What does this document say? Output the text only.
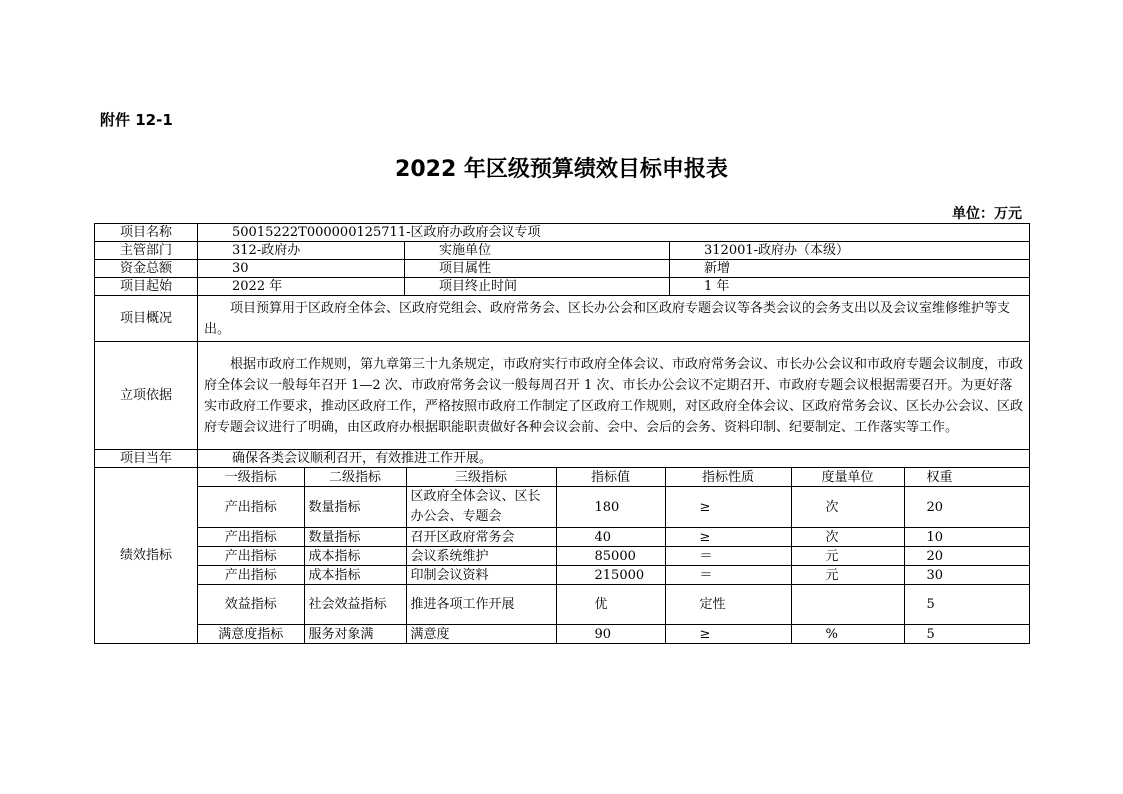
附件 12-1
2022 年区级预算绩效目标申报表
单位：万元
项目名称	50015222T000000125711-区政府办政府会议专项
主管部门	312-政府办	实施单位	312001-政府办（本级）
资金总额	30	项目属性	新增
项目起始	2022 年	项目终止时间	1 年
项目概况	项目预算用于区政府全体会、区政府党组会、政府常务会、区长办公会和区政府专题会议等各类会议的会务支出以及会议室维修维护等支出。
立项依据	根据市政府工作规则，第九章第三十九条规定，市政府实行市政府全体会议、市政府常务会议、市长办公会议和市政府专题会议制度，市政府全体会议一般每年召开 1—2 次、市政府常务会议一般每周召开 1 次、市长办公会议不定期召开、市政府专题会议根据需要召开。为更好落实市政府工作要求，推动区政府工作，严格按照市政府工作制定了区政府工作规则，对区政府全体会议、区政府常务会议、区长办公会议、区政府专题会议进行了明确，由区政府办根据职能职责做好各种会议会前、会中、会后的会务、资料印制、纪要制定、工作落实等工作。
项目当年	确保各类会议顺利召开，有效推进工作开展。
绩效指标	
一级指标	二级指标	三级指标	指标值	指标性质	度量单位	权重
产出指标	数量指标	区政府全体会议、区长办公会、专题会	180	≥	次	20
产出指标	数量指标	召开区政府常务会	40	≥	次	10
产出指标	成本指标	会议系统维护	85000	＝	元	20
产出指标	成本指标	印制会议资料	215000	＝	元	30
效益指标	社会效益指标	推进各项工作开展	优	定性		5
满意度指标	服务对象满	满意度	90	≥	%	5
